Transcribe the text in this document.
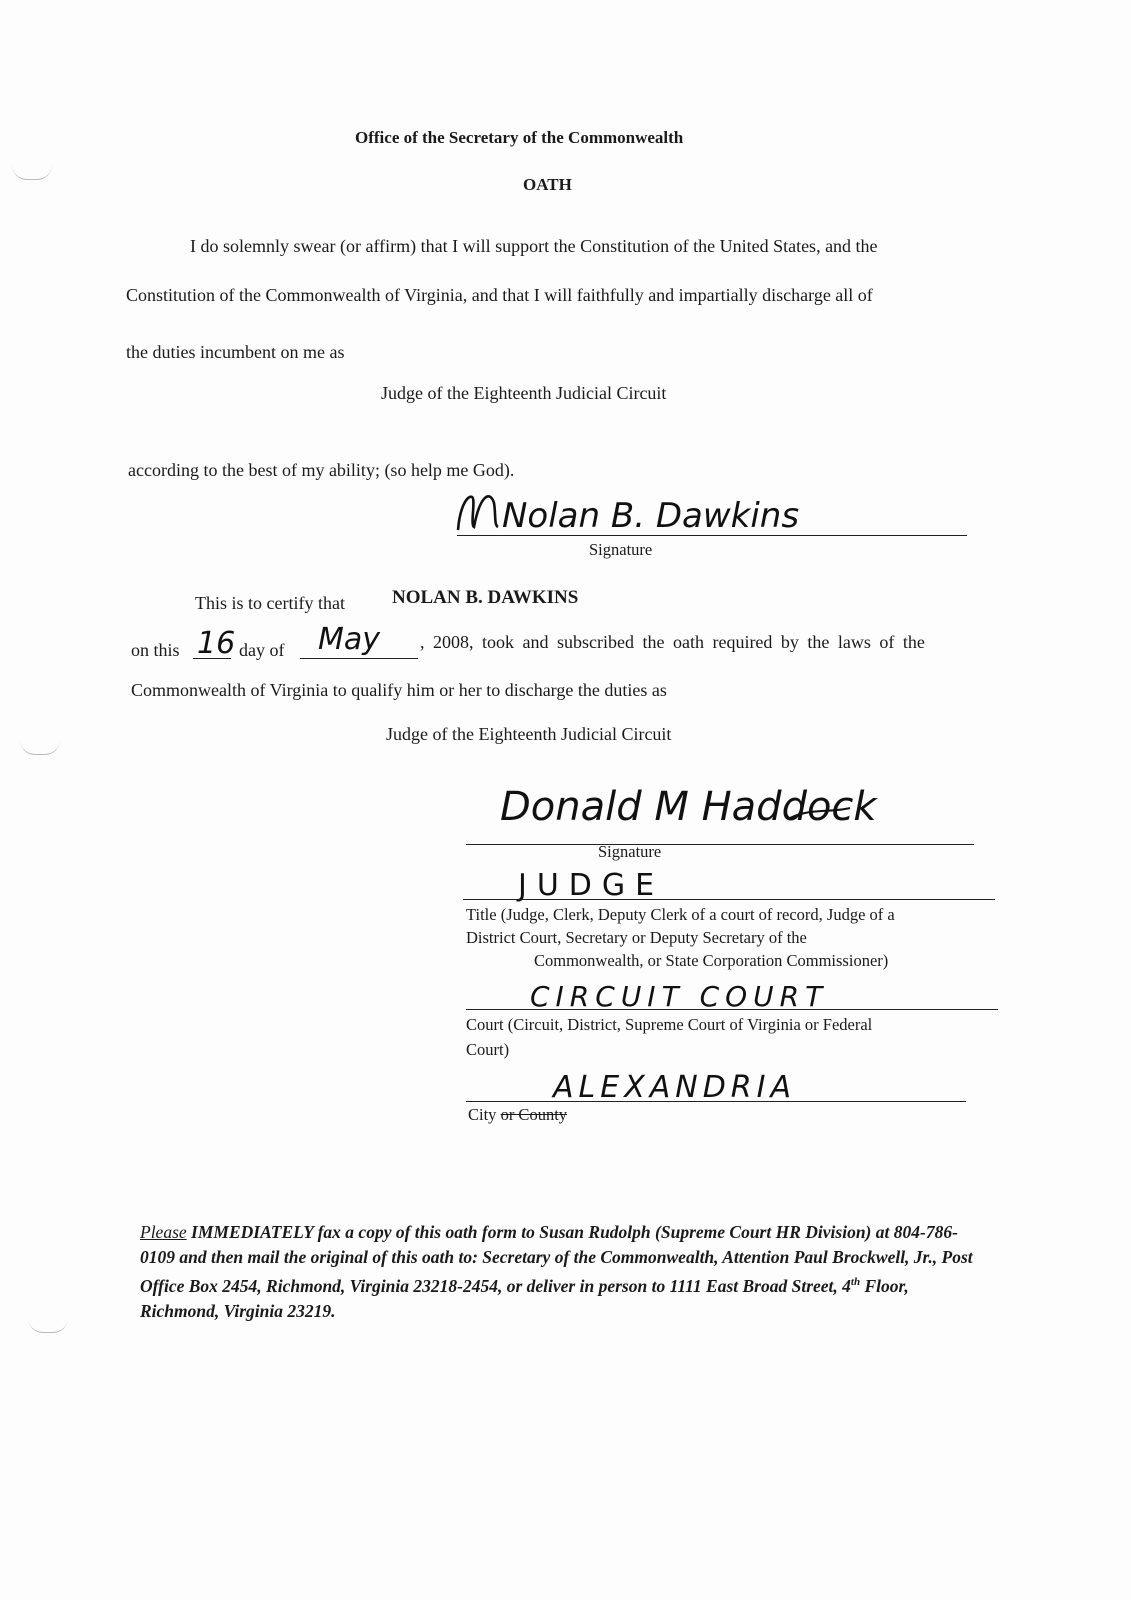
Office of the Secretary of the Commonwealth
OATH
I do solemnly swear (or affirm) that I will support the Constitution of the United States, and the
Constitution of the Commonwealth of Virginia, and that I will faithfully and impartially discharge all of
the duties incumbent on me as
Judge of the Eighteenth Judicial Circuit
according to the best of my ability; (so help me God).
Nolan B. Dawkins
Signature
This is to certify that NOLAN B. DAWKINS
on this 16 day of May , 2008, took and subscribed the oath required by the laws of the
Commonwealth of Virginia to qualify him or her to discharge the duties as
Judge of the Eighteenth Judicial Circuit
Donald M Haddock
Signature
JUDGE
Title (Judge, Clerk, Deputy Clerk of a court of record, Judge of a
District Court, Secretary or Deputy Secretary of the
Commonwealth, or State Corporation Commissioner)
CIRCUIT COURT
Court (Circuit, District, Supreme Court of Virginia or Federal
Court)
ALEXANDRIA
City or County
Please IMMEDIATELY fax a copy of this oath form to Susan Rudolph (Supreme Court HR Division) at 804-786-0109 and then mail the original of this oath to: Secretary of the Commonwealth, Attention Paul Brockwell, Jr., Post Office Box 2454, Richmond, Virginia 23218-2454, or deliver in person to 1111 East Broad Street, 4th Floor, Richmond, Virginia 23219.
